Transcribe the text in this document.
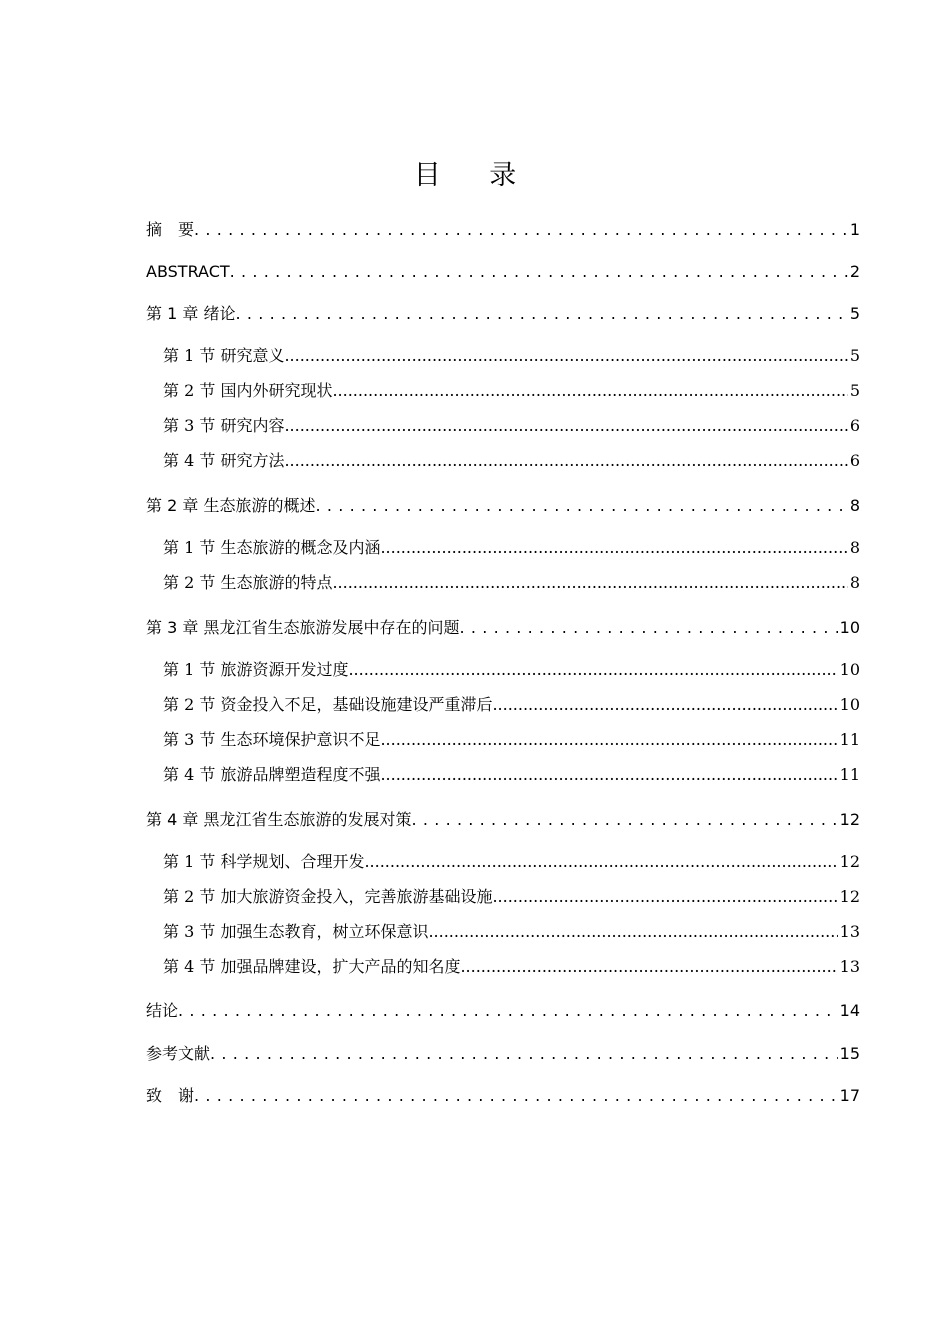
目 录
摘　要 . . .	1
ABSTRACT . . .	2
第 1 章 绪论 . . .	5
第 1 节 研究意义 .....	5
第 2 节 国内外研究现状 .....	5
第 3 节 研究内容 .....	6
第 4 节 研究方法 .....	6
第 2 章 生态旅游的概述 . . .	8
第 1 节 生态旅游的概念及内涵 .....	8
第 2 节 生态旅游的特点 .....	8
第 3 章 黑龙江省生态旅游发展中存在的问题 . . .	10
第 1 节 旅游资源开发过度 .....	10
第 2 节 资金投入不足，基础设施建设严重滞后 .....	10
第 3 节 生态环境保护意识不足 .....	11
第 4 节 旅游品牌塑造程度不强 .....	11
第 4 章 黑龙江省生态旅游的发展对策 . . .	12
第 1 节 科学规划、合理开发 .....	12
第 2 节 加大旅游资金投入，完善旅游基础设施 .....	12
第 3 节 加强生态教育，树立环保意识 .....	13
第 4 节 加强品牌建设，扩大产品的知名度 .....	13
结论 . . .	14
参考文献 . . .	15
致　谢 . . .	17
